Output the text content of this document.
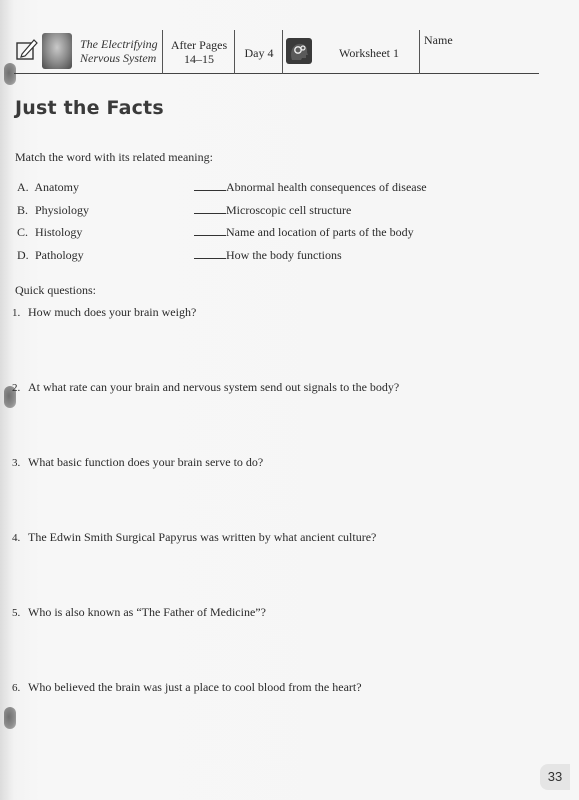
The Electrifying
Nervous System
After Pages
14–15	Day 4	Worksheet 1
Name
Just the Facts
Match the word with its related meaning:
A. Anatomy
B. Physiology
C. Histology
D. Pathology
Abnormal health consequences of disease
Microscopic cell structure
Name and location of parts of the body
How the body functions
Quick questions:
1. How much does your brain weigh?
2. At what rate can your brain and nervous system send out signals to the body?
3. What basic function does your brain serve to do?
4. The Edwin Smith Surgical Papyrus was written by what ancient culture?
5. Who is also known as “The Father of Medicine”?
6. Who believed the brain was just a place to cool blood from the heart?
33
